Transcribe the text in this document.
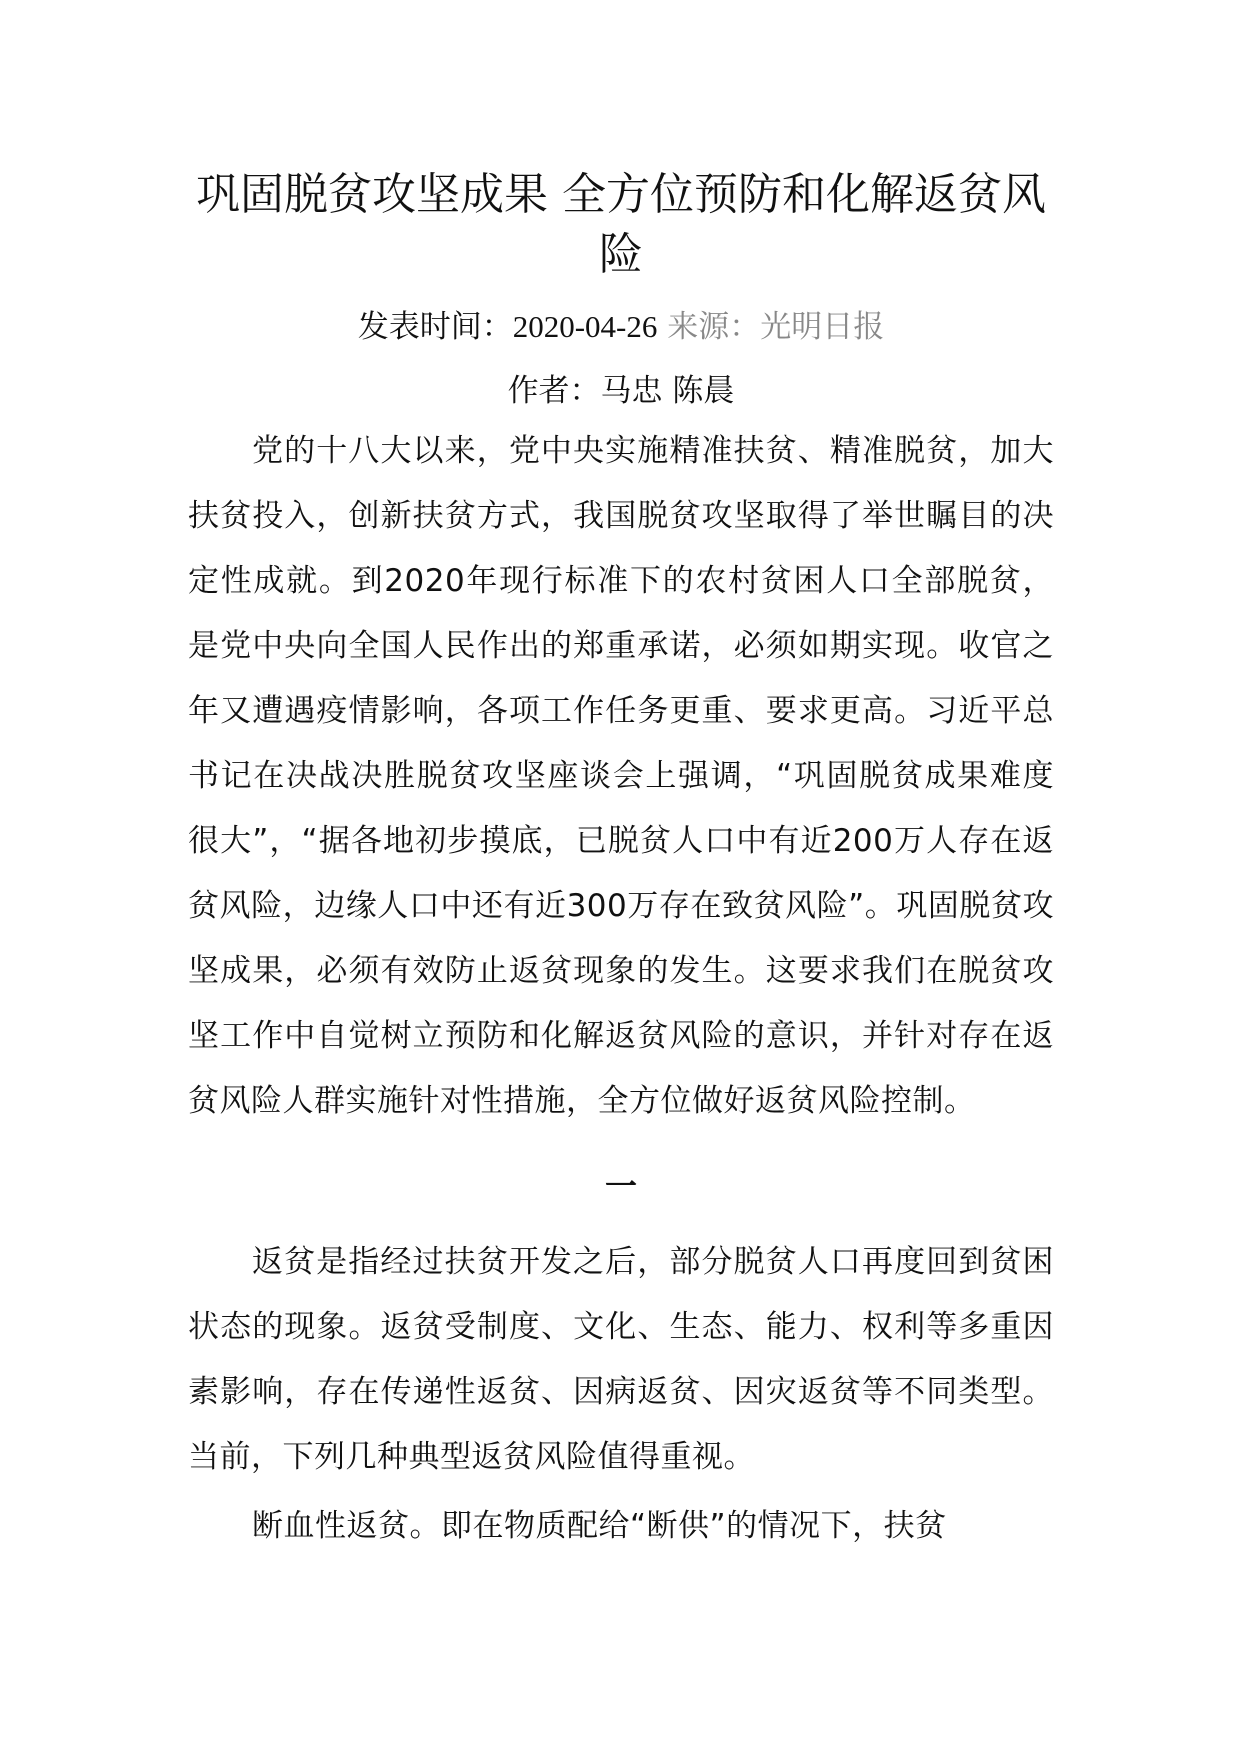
巩固脱贫攻坚成果 全方位预防和化解返贫风险
发表时间：2020-04-26 来源：光明日报
作者：马忠 陈晨

党的十八大以来，党中央实施精准扶贫、精准脱贫，加大扶贫投入，创新扶贫方式，我国脱贫攻坚取得了举世瞩目的决定性成就。到2020年现行标准下的农村贫困人口全部脱贫，是党中央向全国人民作出的郑重承诺，必须如期实现。收官之年又遭遇疫情影响，各项工作任务更重、要求更高。习近平总书记在决战决胜脱贫攻坚座谈会上强调，“巩固脱贫成果难度很大”，“据各地初步摸底，已脱贫人口中有近200万人存在返贫风险，边缘人口中还有近300万存在致贫风险”。巩固脱贫攻坚成果，必须有效防止返贫现象的发生。这要求我们在脱贫攻坚工作中自觉树立预防和化解返贫风险的意识，并针对存在返贫风险人群实施针对性措施，全方位做好返贫风险控制。

一

返贫是指经过扶贫开发之后，部分脱贫人口再度回到贫困状态的现象。返贫受制度、文化、生态、能力、权利等多重因素影响，存在传递性返贫、因病返贫、因灾返贫等不同类型。当前，下列几种典型返贫风险值得重视。

断血性返贫。即在物质配给“断供”的情况下，扶贫
